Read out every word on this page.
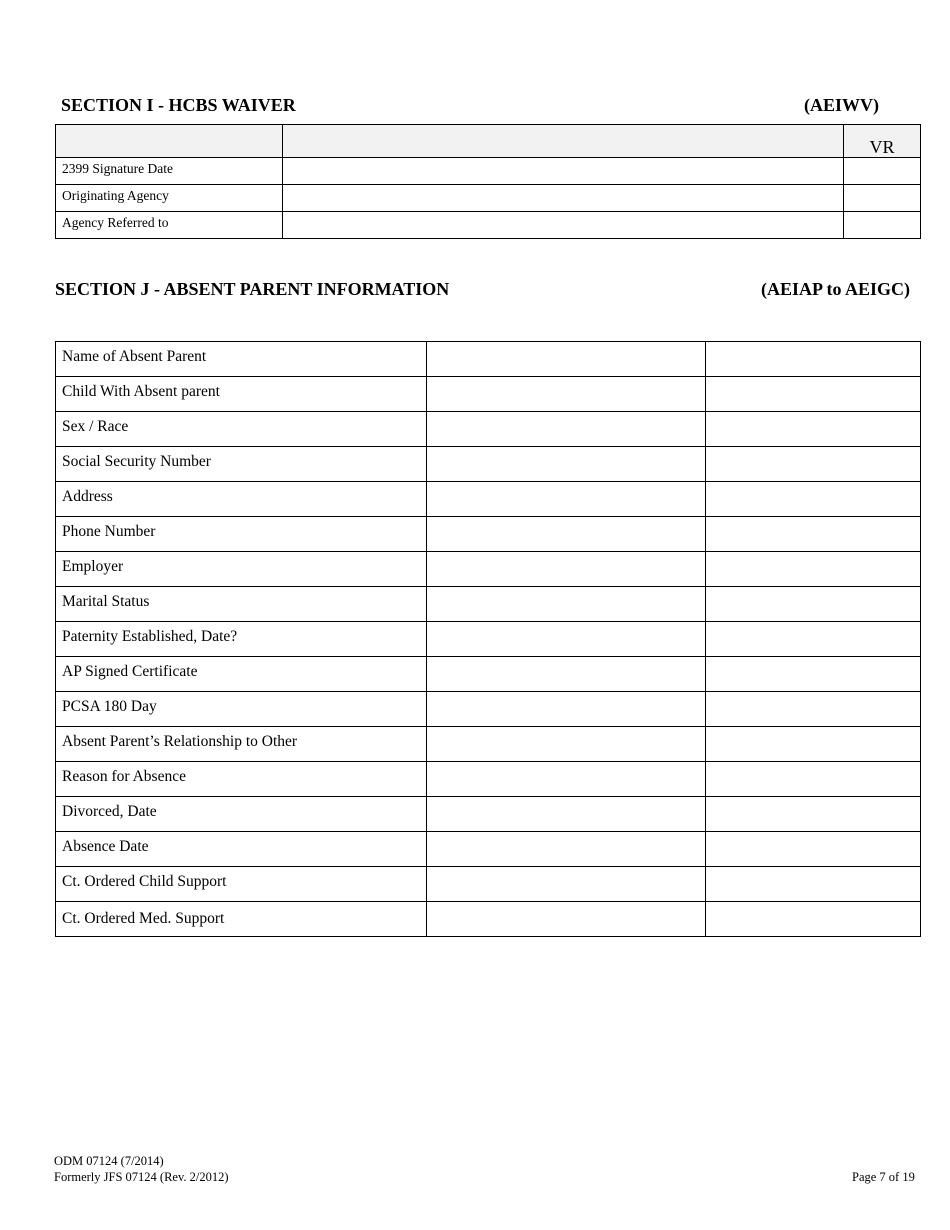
SECTION I - HCBS WAIVER	(AEIWV)
		VR
2399 Signature Date		
Originating Agency		
Agency Referred to		
SECTION J - ABSENT PARENT INFORMATION	(AEIAP to AEIGC)
Name of Absent Parent		
Child With Absent parent		
Sex / Race		
Social Security Number		
Address		
Phone Number		
Employer		
Marital Status		
Paternity Established, Date?		
AP Signed Certificate		
PCSA 180 Day		
Absent Parent’s Relationship to Other		
Reason for Absence		
Divorced, Date		
Absence Date		
Ct. Ordered Child Support		
Ct. Ordered Med. Support		
ODM 07124 (7/2014)
Formerly JFS 07124 (Rev. 2/2012)	Page 7 of 19
